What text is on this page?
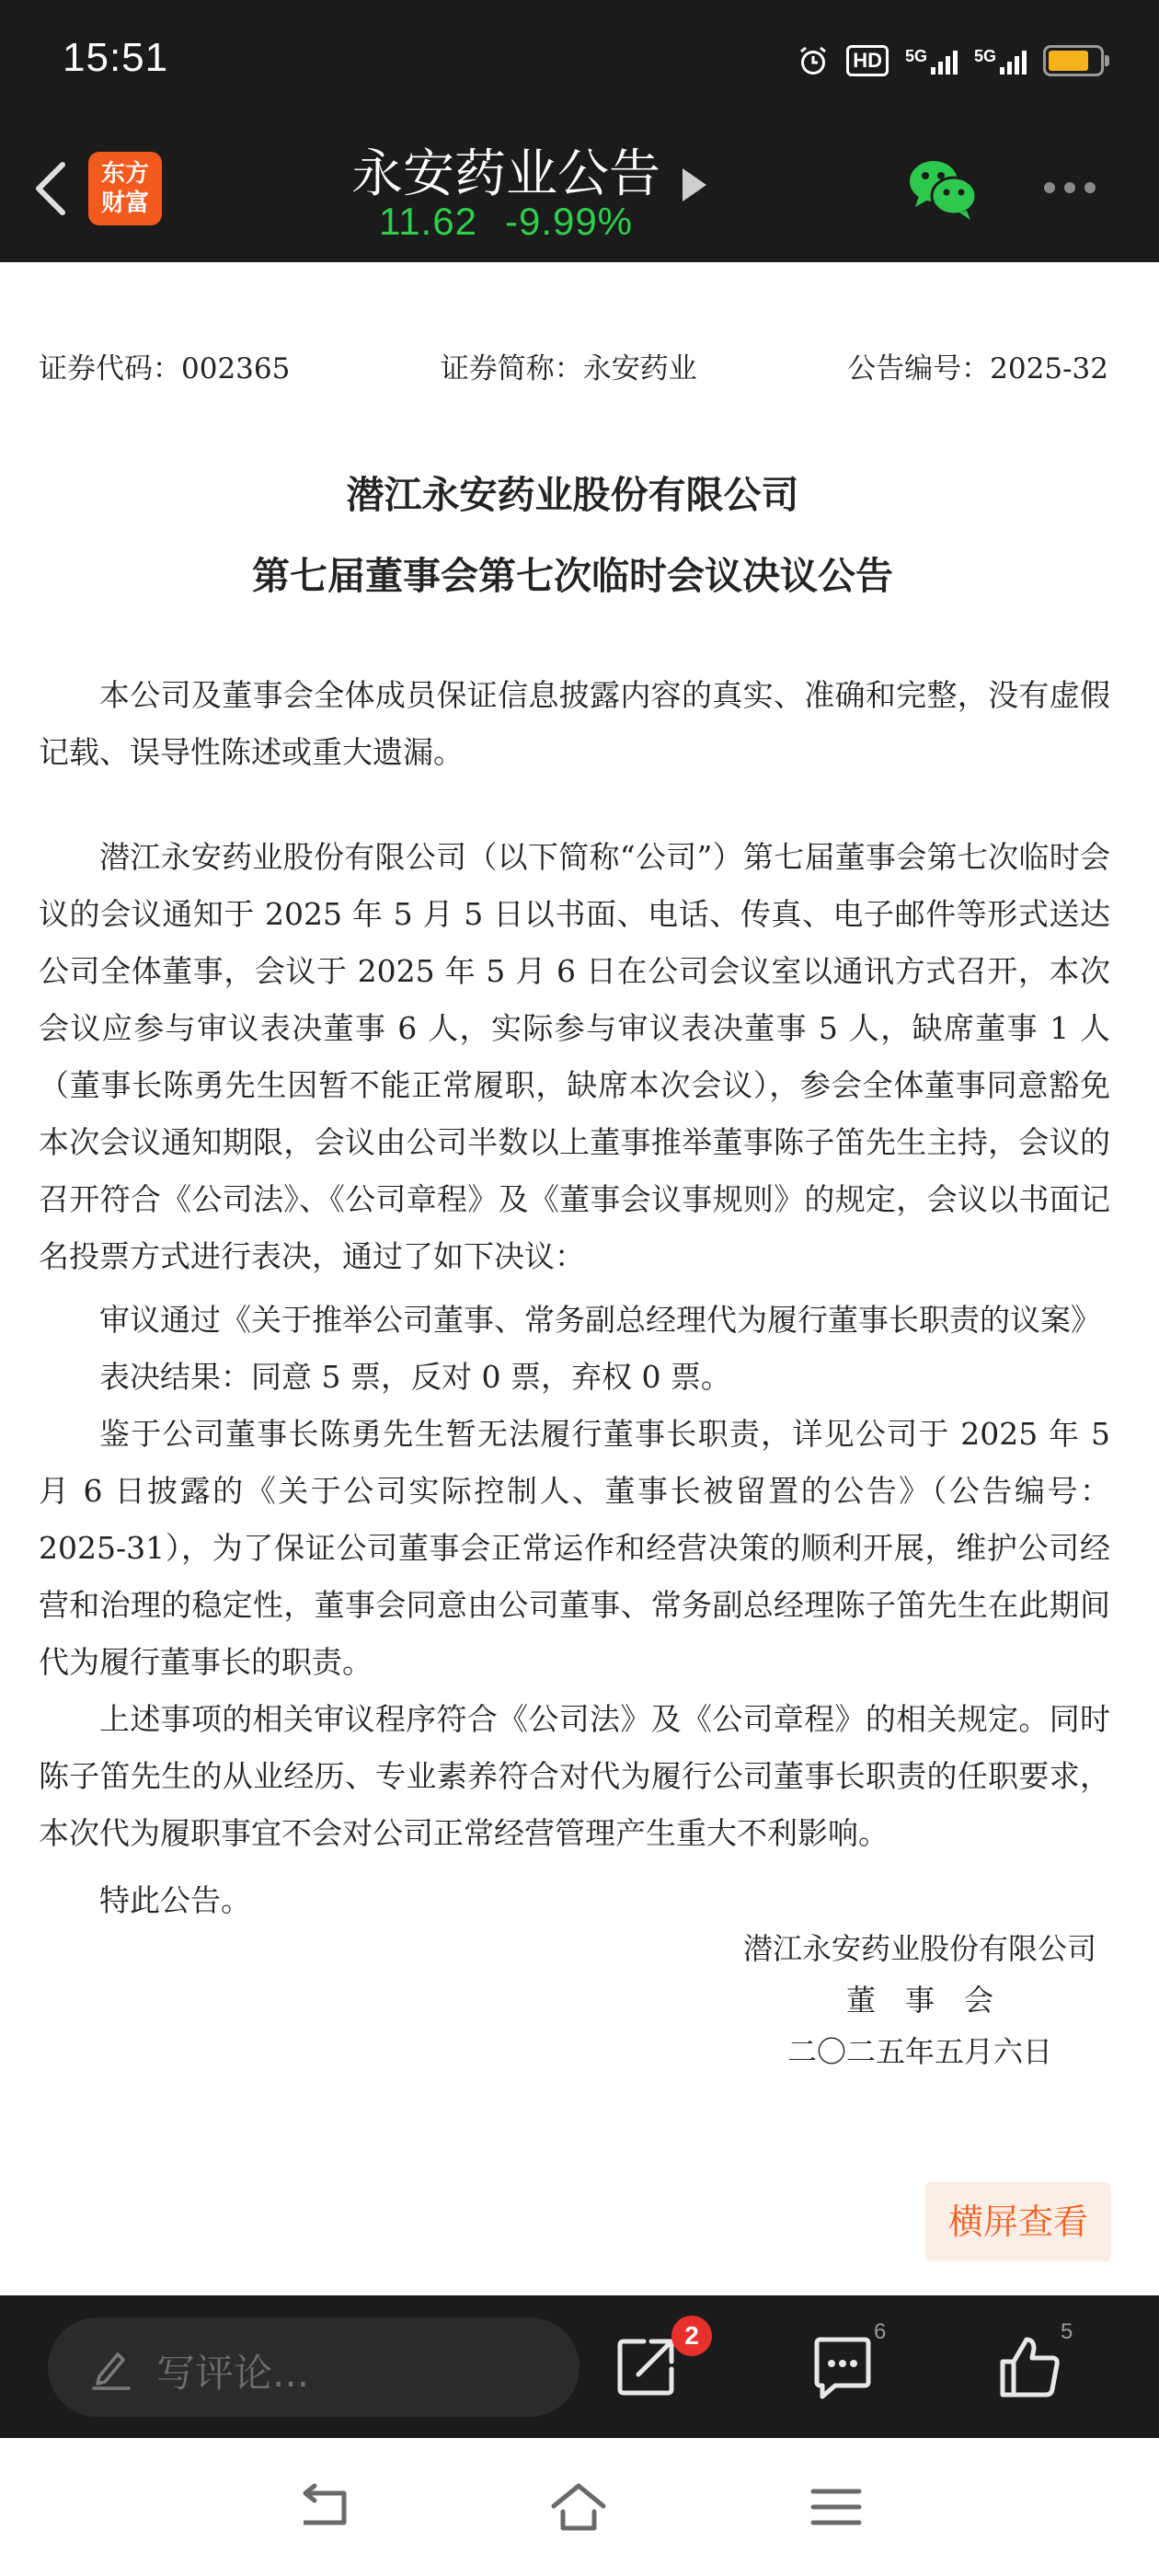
15:51	HD	5G	5G
东方
财富	永安药业公告
11.62 -9.99%
证券代码：002365	证券简称：永安药业	公告编号：2025-32
潜江永安药业股份有限公司
第七届董事会第七次临时会议决议公告
本公司及董事会全体成员保证信息披露内容的真实、准确和完整，没有虚假记载、误导性陈述或重大遗漏。
潜江永安药业股份有限公司（以下简称“公司”）第七届董事会第七次临时会议的会议通知于 2025 年 5 月 5 日以书面、电话、传真、电子邮件等形式送达公司全体董事，会议于 2025 年 5 月 6 日在公司会议室以通讯方式召开，本次会议应参与审议表决董事 6 人，实际参与审议表决董事 5 人，缺席董事 1 人（董事长陈勇先生因暂不能正常履职，缺席本次会议），参会全体董事同意豁免本次会议通知期限，会议由公司半数以上董事推举董事陈子笛先生主持，会议的召开符合《公司法》、《公司章程》及《董事会议事规则》的规定，会议以书面记名投票方式进行表决，通过了如下决议：
审议通过《关于推举公司董事、常务副总经理代为履行董事长职责的议案》
表决结果：同意 5 票，反对 0 票，弃权 0 票。
鉴于公司董事长陈勇先生暂无法履行董事长职责，详见公司于 2025 年 5 月 6 日披露的《关于公司实际控制人、董事长被留置的公告》（公告编号：2025-31），为了保证公司董事会正常运作和经营决策的顺利开展，维护公司经营和治理的稳定性，董事会同意由公司董事、常务副总经理陈子笛先生在此期间代为履行董事长的职责。
上述事项的相关审议程序符合《公司法》及《公司章程》的相关规定。同时陈子笛先生的从业经历、专业素养符合对代为履行公司董事长职责的任职要求，本次代为履职事宜不会对公司正常经营管理产生重大不利影响。
特此公告。
潜江永安药业股份有限公司
董　事　会
二〇二五年五月六日
横屏查看
写评论...
2	6	5
